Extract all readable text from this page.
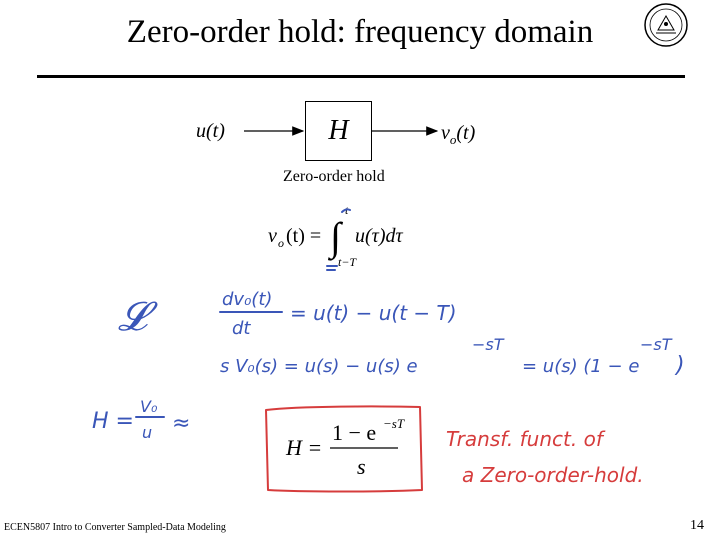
Zero-order hold: frequency domain
H
u(t)	$v_o(t)$
Zero-order hold
v o (t) = ∫
t
t−T
u(τ)dτ
𝓛	dv₀(t)
dt
= u(t) − u(t − T)
s V₀(s) = u(s) − u(s) e
−sT
= u(s) (1 − e
−sT
)
H =
V₀
u ≈
H =
1 − e −sT
s
Transf. funct. of
a Zero-order-hold.
ECEN5807 Intro to Converter Sampled-Data Modeling	14
